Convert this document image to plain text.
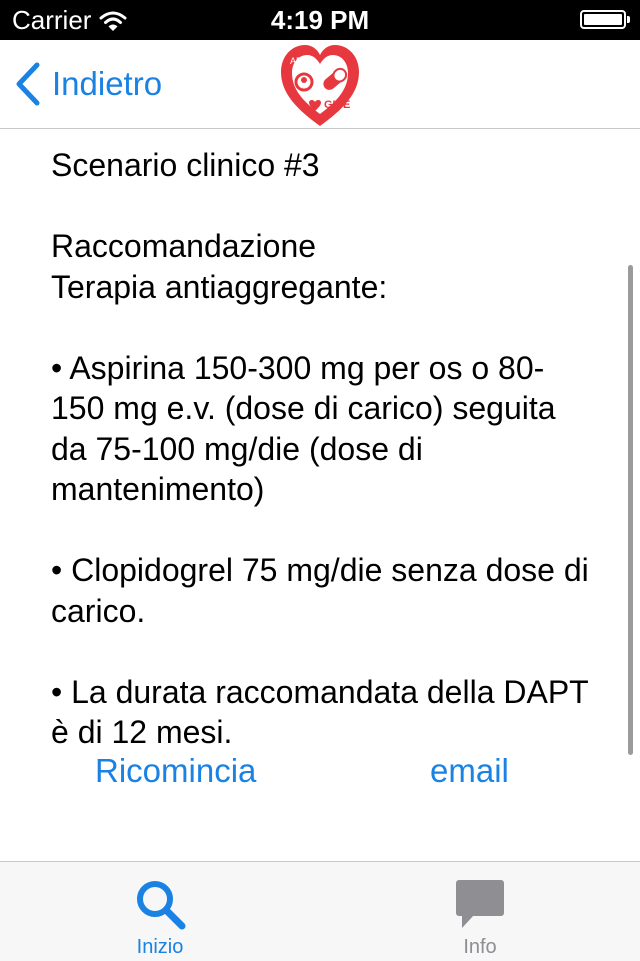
Carrier	4:19 PM
Indietro
AEA
GISE
Scenario clinico #3

Raccomandazione
Terapia antiaggregante:

• Aspirina 150-300 mg per os o 80-150 mg e.v. (dose di carico) seguita da 75-100 mg/die (dose di mantenimento)

• Clopidogrel 75 mg/die senza dose di carico.

• La durata raccomandata della DAPT è di 12 mesi.
Ricomincia	email
Inizio	Info
